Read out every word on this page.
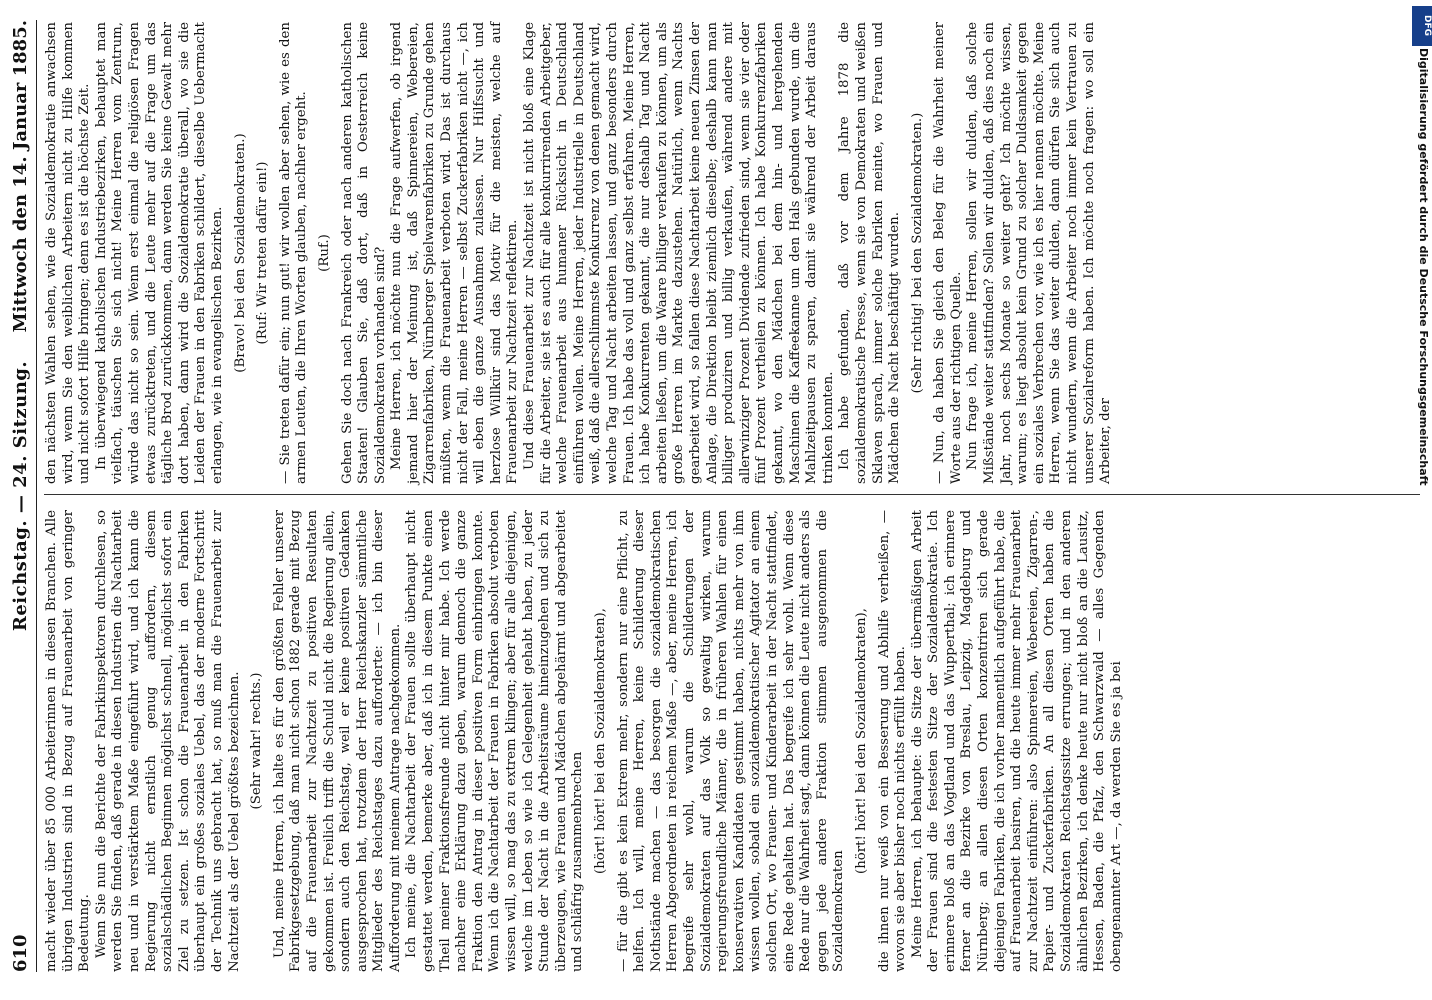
610
Reichstag. — 24. Sitzung.
Mittwoch den 14. Januar 1885.

macht wieder über 85 000 Arbeiterinnen in diesen Branchen. Alle übrigen Industrien sind in Bezug auf Frauenarbeit von geringer Bedeutung. Wenn Sie nun die Berichte der Fabrikinspektoren durchlesen, so werden Sie finden, daß gerade in diesen Industrien die Nachtarbeit neu und in verstärktem Maße eingeführt wird, und ich kann die Regierung nicht ernstlich genug auffordern, diesem sozialschädlichen Beginnen möglichst schnell, möglichst sofort ein Ziel zu setzen. Ist schon die Frauenarbeit in den Fabriken überhaupt ein großes soziales Uebel, das der moderne Fortschritt der Technik uns gebracht hat, so muß man die Frauenarbeit zur Nachtzeit als der Uebel größtes bezeichnen. (Sehr wahr! rechts.) Und, meine Herren, ich halte es für den größten Fehler unserer Fabrikgesetzgebung, daß man nicht schon 1882 gerade mit Bezug auf die Frauenarbeit zur Nachtzeit zu positiven Resultaten gekommen ist. Freilich trifft die Schuld nicht die Regierung allein, sondern auch den Reichstag, weil er keine positiven Gedanken ausgesprochen hat, trotzdem der Herr Reichskanzler sämmtliche Mitglieder des Reichstages dazu aufforderte: — ich bin dieser Aufforderung mit meinem Antrage nachgekommen. Ich meine, die Nachtarbeit der Frauen sollte überhaupt nicht gestattet werden, bemerke aber, daß ich in diesem Punkte einen Theil meiner Fraktionsfreunde nicht hinter mir habe. Ich werde nachher eine Erklärung dazu geben, warum dennoch die ganze Fraktion den Antrag in dieser positiven Form einbringen konnte. Wenn ich die Nachtarbeit der Frauen in Fabriken absolut verboten wissen will, so mag das zu extrem klingen; aber für alle diejenigen, welche im Leben so wie ich Gelegenheit gehabt haben, zu jeder Stunde der Nacht in die Arbeitsräume hineinzugehen und sich zu überzeugen, wie Frauen und Mädchen abgehärmt und abgearbeitet und schläfrig zusammenbrechen (hört! hört! bei den Sozialdemokraten), — für die gibt es kein Extrem mehr, sondern nur eine Pflicht, zu helfen. Ich will, meine Herren, keine Schilderung dieser Nothstände machen — das besorgen die sozialdemokratischen Herren Abgeordneten in reichem Maße —, aber, meine Herren, ich begreife sehr wohl, warum die Schilderungen der Sozialdemokraten auf das Volk so gewaltig wirken, warum regierungsfreundliche Männer, die in früheren Wahlen für einen konservativen Kandidaten gestimmt haben, nichts mehr von ihm wissen wollen, sobald ein sozialdemokratischer Agitator an einem solchen Ort, wo Frauen- und Kinderarbeit in der Nacht stattfindet, eine Rede gehalten hat. Das begreife ich sehr wohl. Wenn diese Rede nur die Wahrheit sagt, dann können die Leute nicht anders als gegen jede andere Fraktion stimmen ausgenommen die Sozialdemokraten

(hört! hört! bei den Sozialdemokraten), die ihnen nur weiß von ein Besserung und Abhilfe verheißen, — wovon sie aber bisher noch nichts erfüllt haben. Meine Herren, ich behaupte: die Sitze der übermäßigen Arbeit der Frauen sind die festesten Sitze der Sozialdemokratie. Ich erinnere bloß an das Vogtland und das Wupperthal; ich erinnere ferner an die Bezirke von Breslau, Leipzig, Magdeburg und Nürnberg; an allen diesen Orten konzentriren sich gerade diejenigen Fabriken, die ich vorher namentlich aufgeführt habe, die auf Frauenarbeit basiren, und die heute immer mehr Frauenarbeit zur Nachtzeit einführen: also Spinnereien, Webereien, Zigarren-, Papier- und Zuckerfabriken. An all diesen Orten haben die Sozialdemokraten Reichstagssitze errungen; und in den anderen ähnlichen Bezirken, ich denke heute nur nicht bloß an die Lausitz, Hessen, Baden, die Pfalz, den Schwarzwald — alles Gegenden obengenannter Art —, da werden Sie es ja bei

den nächsten Wahlen sehen, wie die Sozialdemokratie anwachsen wird, wenn Sie den weiblichen Arbeitern nicht zu Hilfe kommen und nicht sofort Hilfe bringen; denn es ist die höchste Zeit. In überwiegend katholischen Industriebezirken, behauptet man vielfach, täuschen Sie sich nicht! Meine Herren vom Zentrum, würde das nicht so sein. Wenn erst einmal die religiösen Fragen etwas zurücktreten, und die Leute mehr auf die Frage um das tägliche Brod zurückkommen, dann werden Sie keine Gewalt mehr dort haben, dann wird die Sozialdemokratie überall, wo sie die Leiden der Frauen in den Fabriken schildert, dieselbe Uebermacht erlangen, wie in evangelischen Bezirken. (Bravo! bei den Sozialdemokraten.) (Ruf: Wir treten dafür ein!) — Sie treten dafür ein; nun gut! wir wollen aber sehen, wie es den armen Leuten, die Ihren Worten glauben, nachher ergeht. (Ruf.) Gehen Sie doch nach Frankreich oder nach anderen katholischen Staaten! Glauben Sie, daß dort, daß in Oesterreich keine Sozialdemokraten vorhanden sind? Meine Herren, ich möchte nun die Frage aufwerfen, ob irgend jemand hier der Meinung ist, daß Spinnereien, Webereien, Zigarrenfabriken, Nürnberger Spielwarenfabriken zu Grunde gehen müßten, wenn die Frauenarbeit verboten wird. Das ist durchaus nicht der Fall, meine Herren — selbst Zuckerfabriken nicht —, ich will eben die ganze Ausnahmen zulassen. Nur Hilfssucht und herzlose Willkür sind das Motiv für die meisten, welche auf Frauenarbeit zur Nachtzeit reflektiren. Und diese Frauenarbeit zur Nachtzeit ist nicht bloß eine Klage für die Arbeiter, sie ist es auch für alle konkurrirenden Arbeitgeber, welche Frauenarbeit aus humaner Rücksicht in Deutschland einführen wollen. Meine Herren, jeder Industrielle in Deutschland weiß, daß die allerschlimmste Konkurrenz von denen gemacht wird, welche Tag und Nacht arbeiten lassen, und ganz besonders durch Frauen. Ich habe das voll und ganz selbst erfahren. Meine Herren, ich habe Konkurrenten gekannt, die nur deshalb Tag und Nacht arbeiten ließen, um die Waare billiger verkaufen zu können, um als große Herren im Markte dazustehen. Natürlich, wenn Nachts gearbeitet wird, so fallen diese Nachtarbeit keine neuen Zinsen der Anlage, die Direktion bleibt ziemlich dieselbe; deshalb kann man billiger produziren und billig verkaufen, während andere mit allerwinziger Prozent Dividende zufrieden sind, wenn sie vier oder fünf Prozent vertheilen zu können. Ich habe Konkurrenzfabriken gekannt, wo den Mädchen bei dem hin- und hergehenden Maschinen die Kaffeekanne um den Hals gebunden wurde, um die Mahlzeitpausen zu sparen, damit sie während der Arbeit daraus trinken konnten. Ich habe gefunden, daß vor dem Jahre 1878 die sozialdemokratische Presse, wenn sie von Demokraten und weißen Sklaven sprach, immer solche Fabriken meinte, wo Frauen und Mädchen die Nacht beschäftigt wurden. (Sehr richtig! bei den Sozialdemokraten.) — Nun, da haben Sie gleich den Beleg für die Wahrheit meiner Worte aus der richtigen Quelle. Nun frage ich, meine Herren, sollen wir dulden, daß solche Mißstände weiter stattfinden? Sollen wir dulden, daß dies noch ein Jahr, noch sechs Monate so weiter geht? Ich möchte wissen, warum; es liegt absolut kein Grund zu solcher Duldsamkeit gegen ein soziales Verbrechen vor, wie ich es hier nennen möchte. Meine Herren, wenn Sie das weiter dulden, dann dürfen Sie sich auch nicht wundern, wenn die Arbeiter noch immer kein Vertrauen zu unserer Sozialreform haben. Ich möchte noch fragen: wo soll ein Arbeiter, der

DFG
Digitalisierung gefördert durch die Deutsche Forschungsgemeinschaft
